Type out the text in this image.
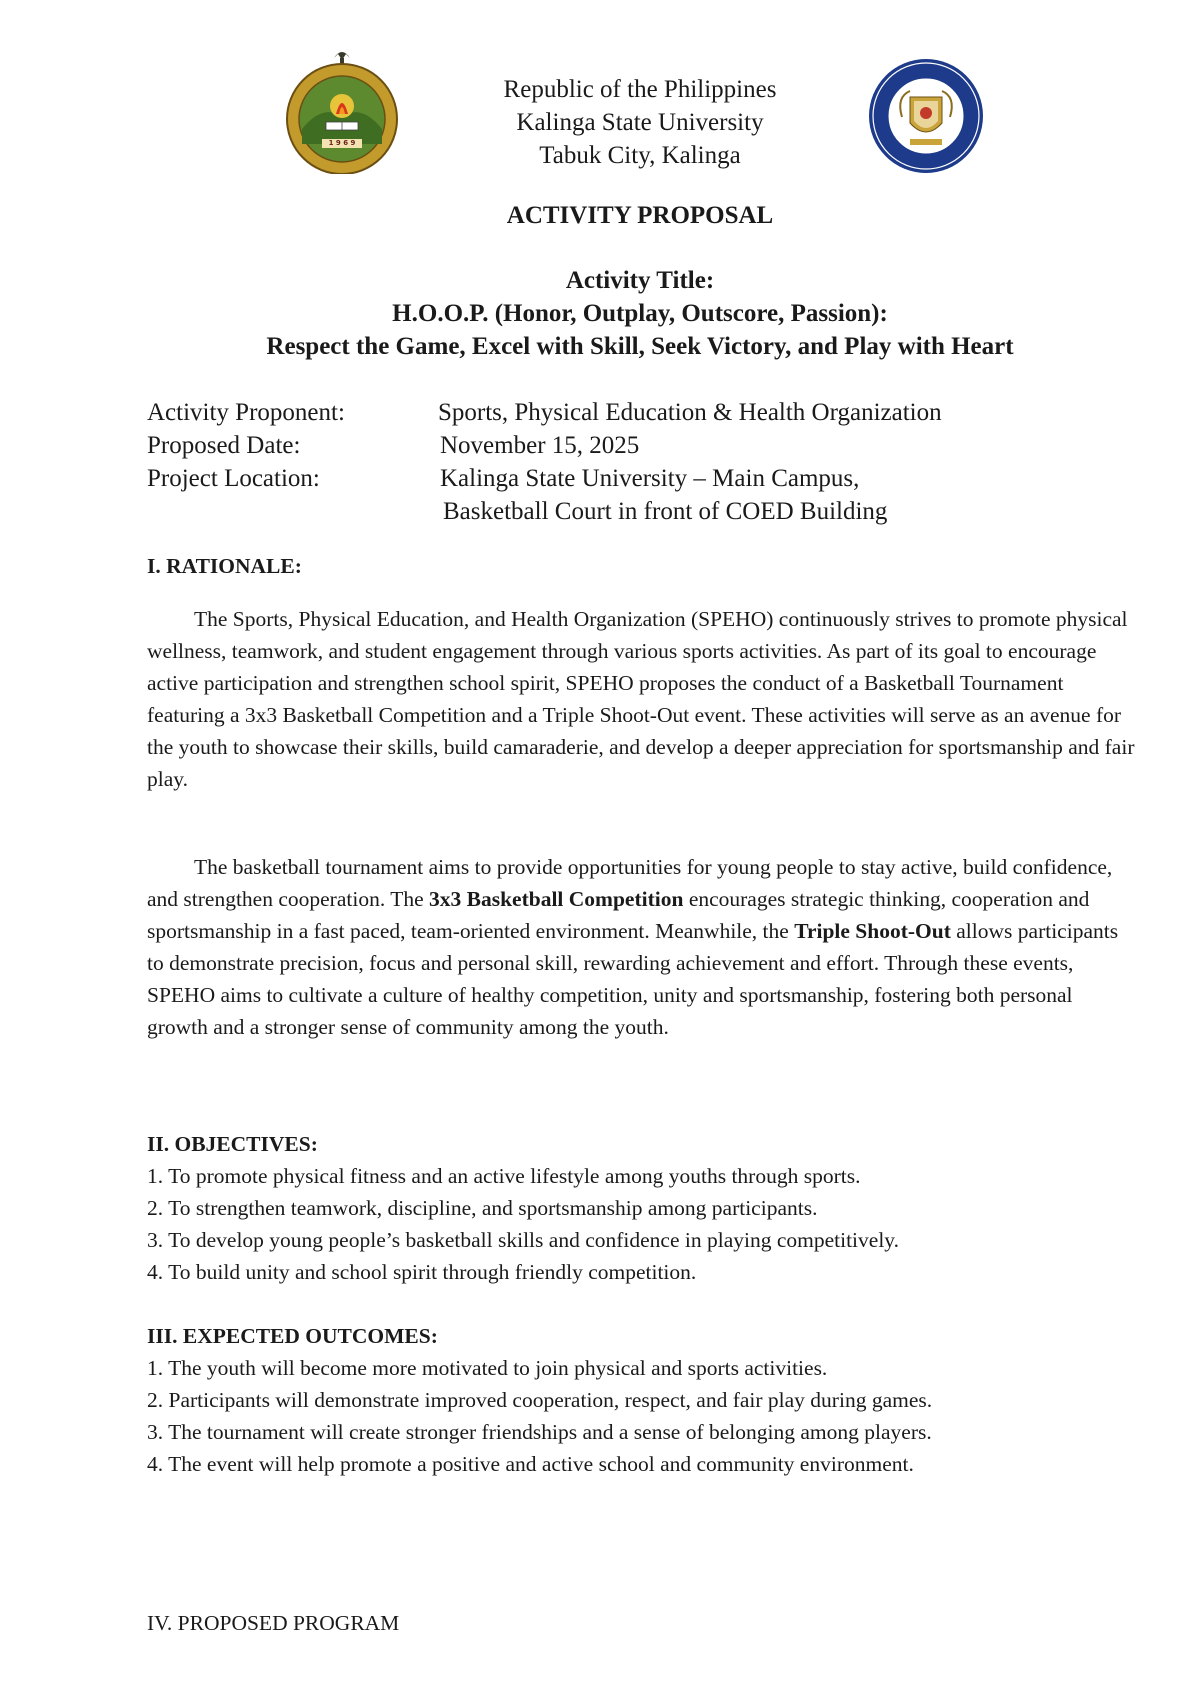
1 9 6 9
Republic of the Philippines
Kalinga State University
Tabuk City, Kalinga
ACTIVITY PROPOSAL
Activity Title:
H.O.O.P. (Honor, Outplay, Outscore, Passion):
Respect the Game, Excel with Skill, Seek Victory, and Play with Heart
Activity Proponent:	Sports, Physical Education & Health Organization
Proposed Date:	November 15, 2025
Project Location:	Kalinga State University – Main Campus,
Basketball Court in front of COED Building
I. RATIONALE:
The Sports, Physical Education, and Health Organization (SPEHO) continuously strives to promote physical wellness, teamwork, and student engagement through various sports activities. As part of its goal to encourage active participation and strengthen school spirit, SPEHO proposes the conduct of a Basketball Tournament featuring a 3x3 Basketball Competition and a Triple Shoot-Out event. These activities will serve as an avenue for the youth to showcase their skills, build camaraderie, and develop a deeper appreciation for sportsmanship and fair play.
The basketball tournament aims to provide opportunities for young people to stay active, build confidence, and strengthen cooperation. The 3x3 Basketball Competition encourages strategic thinking, cooperation and sportsmanship in a fast paced, team-oriented environment. Meanwhile, the Triple Shoot-Out allows participants to demonstrate precision, focus and personal skill, rewarding achievement and effort. Through these events, SPEHO aims to cultivate a culture of healthy competition, unity and sportsmanship, fostering both personal growth and a stronger sense of community among the youth.
II. OBJECTIVES:
1. To promote physical fitness and an active lifestyle among youths through sports.
2. To strengthen teamwork, discipline, and sportsmanship among participants.
3. To develop young people’s basketball skills and confidence in playing competitively.
4. To build unity and school spirit through friendly competition.
III. EXPECTED OUTCOMES:
1. The youth will become more motivated to join physical and sports activities.
2. Participants will demonstrate improved cooperation, respect, and fair play during games.
3. The tournament will create stronger friendships and a sense of belonging among players.
4. The event will help promote a positive and active school and community environment.
IV. PROPOSED PROGRAM
